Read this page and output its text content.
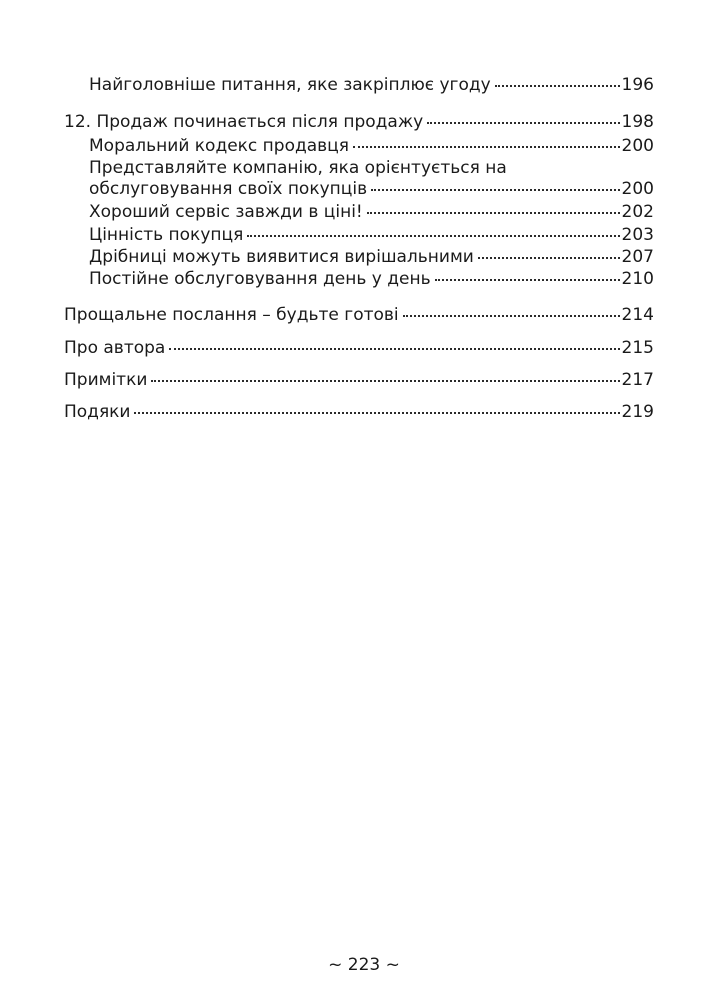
Найголовніше питання, яке закріплює угоду	196
12. Продаж починається після продажу	198
Моральний кодекс продавця	200
Представляйте компанію, яка орієнтується на
обслуговування своїх покупців	200
Хороший сервіс завжди в ціні!	202
Цінність покупця	203
Дрібниці можуть виявитися вирішальними	207
Постійне обслуговування день у день	210
Прощальне послання – будьте готові	214
Про автора	215
Примітки	217
Подяки	219
~ 223 ~
